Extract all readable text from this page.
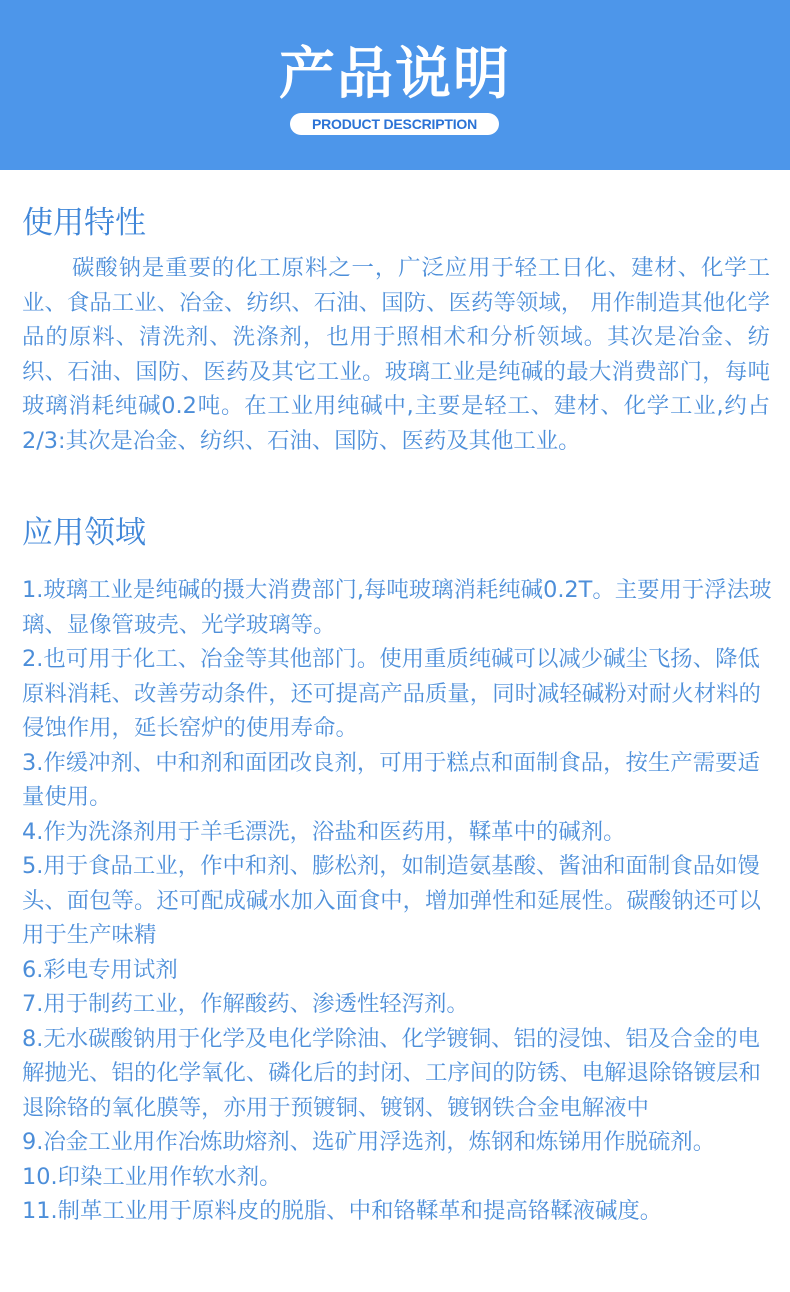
产品说明
PRODUCT DESCRIPTION
使用特性

碳酸钠是重要的化工原料之一，广泛应用于轻工日化、建材、化学工业、食品工业、冶金、纺织、石油、国防、医药等领域， 用作制造其他化学品的原料、清洗剂、洗涤剂，也用于照相术和分析领域。其次是冶金、纺织、石油、国防、医药及其它工业。玻璃工业是纯碱的最大消费部门，每吨玻璃消耗纯碱0.2吨。在工业用纯碱中,主要是轻工、建材、化学工业,约占2/3:其次是冶金、纺织、石油、国防、医药及其他工业。

应用领域
1.玻璃工业是纯碱的摄大消费部门,每吨玻璃消耗纯碱0.2T。主要用于浮法玻璃、显像管玻壳、光学玻璃等。
2.也可用于化工、冶金等其他部门。使用重质纯碱可以减少碱尘飞扬、降低原料消耗、改善劳动条件，还可提高产品质量，同时减轻碱粉对耐火材料的侵蚀作用，延长窑炉的使用寿命。
3.作缓冲剂、中和剂和面团改良剂，可用于糕点和面制食品，按生产需要适量使用。
4.作为洗涤剂用于羊毛漂洗，浴盐和医药用，鞣革中的碱剂。
5.用于食品工业，作中和剂、膨松剂，如制造氨基酸、酱油和面制食品如馒头、面包等。还可配成碱水加入面食中，增加弹性和延展性。碳酸钠还可以用于生产味精
6.彩电专用试剂
7.用于制药工业，作解酸药、渗透性轻泻剂。
8.无水碳酸钠用于化学及电化学除油、化学镀铜、铝的浸蚀、铝及合金的电解抛光、铝的化学氧化、磷化后的封闭、工序间的防锈、电解退除铬镀层和退除铬的氧化膜等，亦用于预镀铜、镀钢、镀钢铁合金电解液中
9.冶金工业用作冶炼助熔剂、选矿用浮选剂，炼钢和炼锑用作脱硫剂。
10.印染工业用作软水剂。
11.制革工业用于原料皮的脱脂、中和铬鞣革和提高铬鞣液碱度。
